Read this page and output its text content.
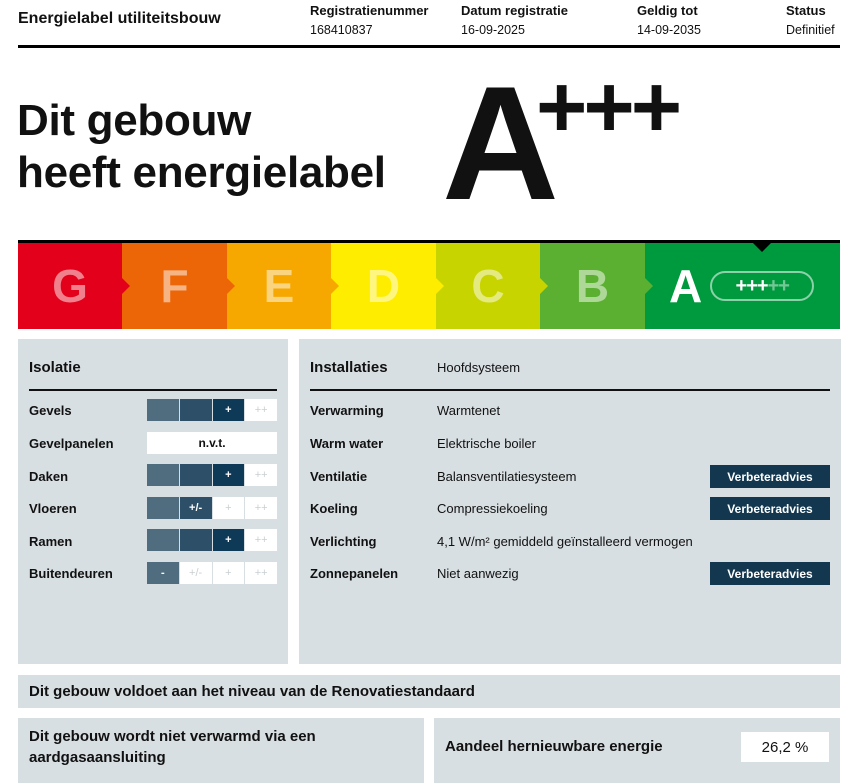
Energielabel utiliteitsbouw	Registratienummer
168410837
Datum registratie
16-09-2025
Geldig tot
14-09-2035
Status
Definitief
Dit gebouw
heeft energielabel A
+++
G F E D C B A +++ ++
Isolatie
Gevels	+	++
Gevelpanelen	n.v.t.
Daken	+	++
Vloeren	+/-	+	++
Ramen	+	++
Buitendeuren	-	+/-	+	++
Installaties	Hoofdsysteem
Verwarming	Warmtenet
Warm water	Elektrische boiler
Ventilatie	Balansventilatiesysteem	Verbeteradvies
Koeling	Compressiekoeling	Verbeteradvies
Verlichting	4,1 W/m² gemiddeld geïnstalleerd vermogen
Zonnepanelen	Niet aanwezig	Verbeteradvies
Dit gebouw voldoet aan het niveau van de Renovatiestandaard
Dit gebouw wordt niet verwarmd via een aardgasaansluiting
Aandeel hernieuwbare energie	26,2 %
